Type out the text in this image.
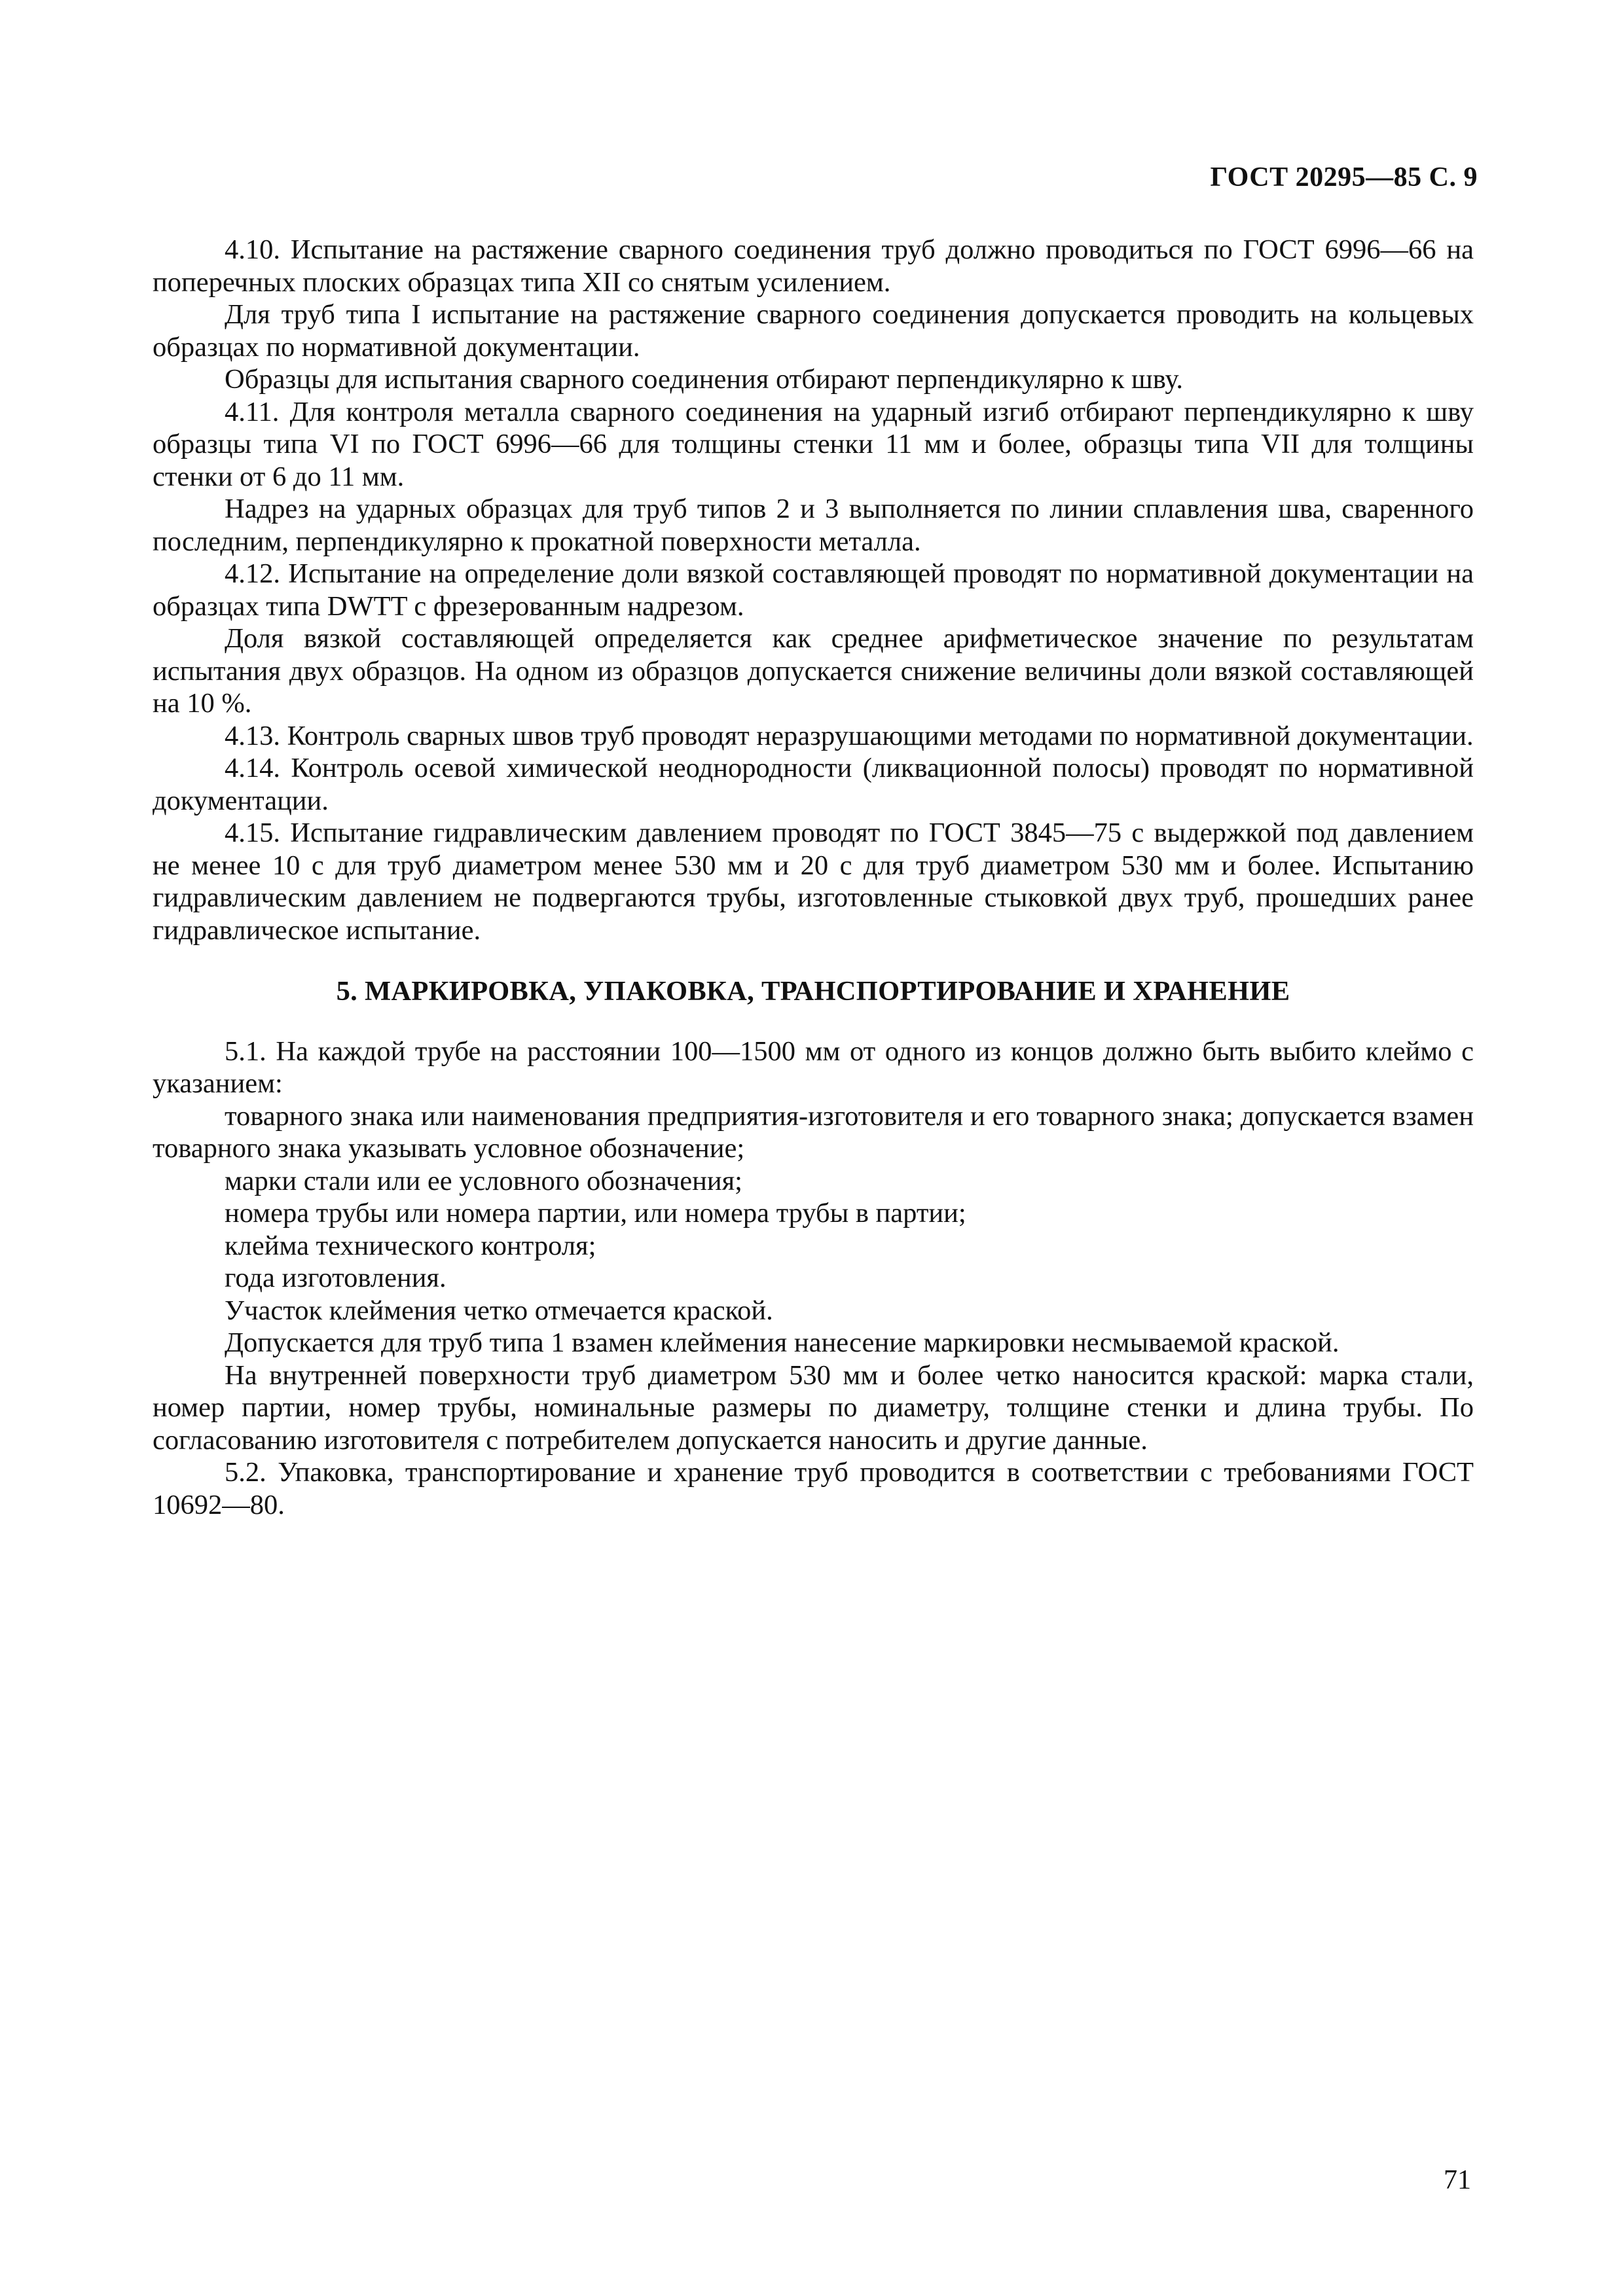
ГОСТ 20295—85 С. 9

4.10. Испытание на растяжение сварного соединения труб должно проводиться по ГОСТ 6996—66 на поперечных плоских образцах типа XII со снятым усилением.

Для труб типа I испытание на растяжение сварного соединения допускается проводить на кольцевых образцах по нормативной документации.

Образцы для испытания сварного соединения отбирают перпендикулярно к шву.

4.11. Для контроля металла сварного соединения на ударный изгиб отбирают перпендикулярно к шву образцы типа VI по ГОСТ 6996—66 для толщины стенки 11 мм и более, образцы типа VII для толщины стенки от 6 до 11 мм.

Надрез на ударных образцах для труб типов 2 и 3 выполняется по линии сплавления шва, сваренного последним, перпендикулярно к прокатной поверхности металла.

4.12. Испытание на определение доли вязкой составляющей проводят по нормативной документации на образцах типа DWTT с фрезерованным надрезом.

Доля вязкой составляющей определяется как среднее арифметическое значение по результатам испытания двух образцов. На одном из образцов допускается снижение величины доли вязкой составляющей на 10 %.

4.13. Контроль сварных швов труб проводят неразрушающими методами по нормативной документации.

4.14. Контроль осевой химической неоднородности (ликвационной полосы) проводят по нормативной документации.

4.15. Испытание гидравлическим давлением проводят по ГОСТ 3845—75 с выдержкой под давлением не менее 10 с для труб диаметром менее 530 мм и 20 с для труб диаметром 530 мм и более. Испытанию гидравлическим давлением не подвергаются трубы, изготовленные стыковкой двух труб, прошедших ранее гидравлическое испытание.

5. МАРКИРОВКА, УПАКОВКА, ТРАНСПОРТИРОВАНИЕ И ХРАНЕНИЕ

5.1. На каждой трубе на расстоянии 100—1500 мм от одного из концов должно быть выбито клеймо с указанием:

товарного знака или наименования предприятия-изготовителя и его товарного знака; допускается взамен товарного знака указывать условное обозначение;

марки стали или ее условного обозначения;

номера трубы или номера партии, или номера трубы в партии;

клейма технического контроля;

года изготовления.

Участок клеймения четко отмечается краской.

Допускается для труб типа 1 взамен клеймения нанесение маркировки несмываемой краской.

На внутренней поверхности труб диаметром 530 мм и более четко наносится краской: марка стали, номер партии, номер трубы, номинальные размеры по диаметру, толщине стенки и длина трубы. По согласованию изготовителя с потребителем допускается наносить и другие данные.

5.2. Упаковка, транспортирование и хранение труб проводится в соответствии с требованиями ГОСТ 10692—80.

71
